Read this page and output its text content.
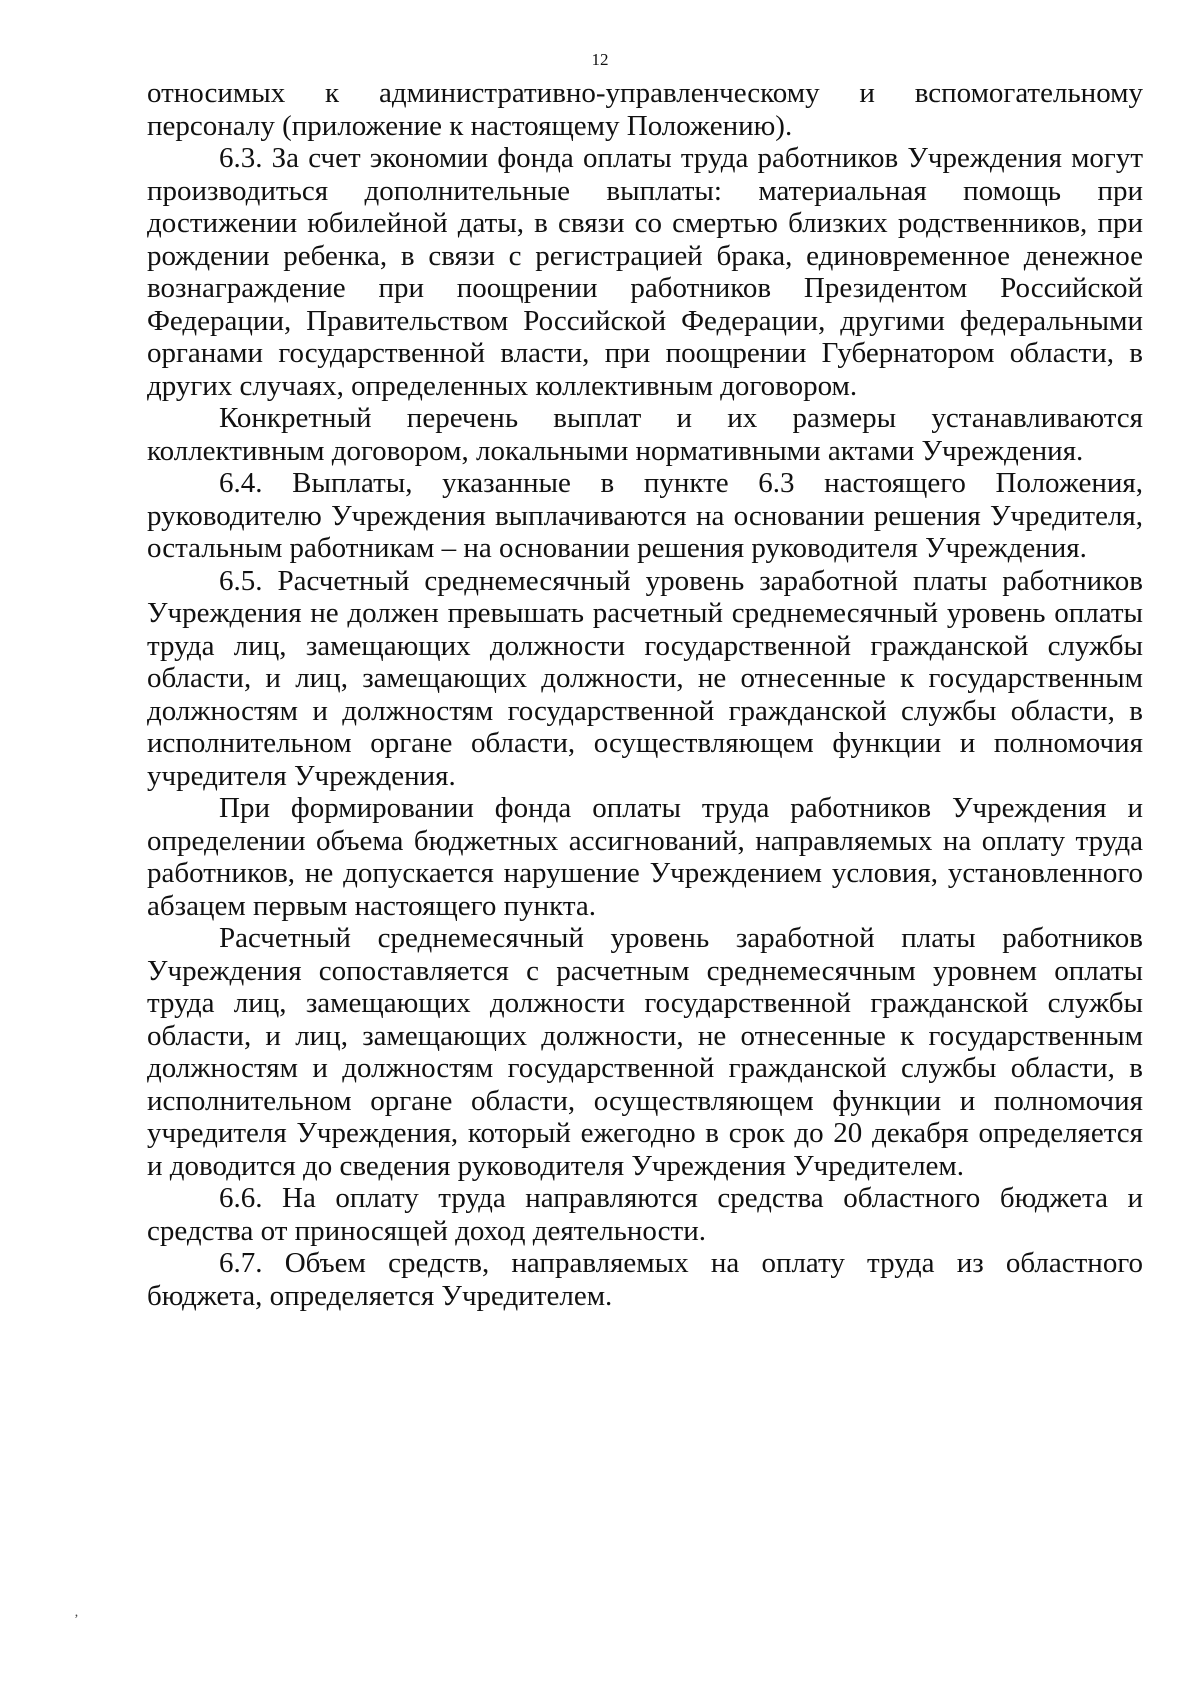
12

относимых к административно-управленческому и вспомогательному персоналу (приложение к настоящему Положению).

6.3. За счет экономии фонда оплаты труда работников Учреждения могут производиться дополнительные выплаты: материальная помощь при достижении юбилейной даты, в связи со смертью близких родственников, при рождении ребенка, в связи с регистрацией брака, единовременное денежное вознаграждение при поощрении работников Президентом Российской Федерации, Правительством Российской Федерации, другими федеральными органами государственной власти, при поощрении Губернатором области, в других случаях, определенных коллективным договором.

Конкретный перечень выплат и их размеры устанавливаются коллективным договором, локальными нормативными актами Учреждения.

6.4. Выплаты, указанные в пункте 6.3 настоящего Положения, руководителю Учреждения выплачиваются на основании решения Учредителя, остальным работникам – на основании решения руководителя Учреждения.

6.5. Расчетный среднемесячный уровень заработной платы работников Учреждения не должен превышать расчетный среднемесячный уровень оплаты труда лиц, замещающих должности государственной гражданской службы области, и лиц, замещающих должности, не отнесенные к государственным должностям и должностям государственной гражданской службы области, в исполнительном органе области, осуществляющем функции и полномочия учредителя Учреждения.

При формировании фонда оплаты труда работников Учреждения и определении объема бюджетных ассигнований, направляемых на оплату труда работников, не допускается нарушение Учреждением условия, установленного абзацем первым настоящего пункта.

Расчетный среднемесячный уровень заработной платы работников Учреждения сопоставляется с расчетным среднемесячным уровнем оплаты труда лиц, замещающих должности государственной гражданской службы области, и лиц, замещающих должности, не отнесенные к государственным должностям и должностям государственной гражданской службы области, в исполнительном органе области, осуществляющем функции и полномочия учредителя Учреждения, который ежегодно в срок до 20 декабря определяется и доводится до сведения руководителя Учреждения Учредителем.

6.6. На оплату труда направляются средства областного бюджета и средства от приносящей доход деятельности.

6.7. Объем средств, направляемых на оплату труда из областного бюджета, определяется Учредителем.

‚
